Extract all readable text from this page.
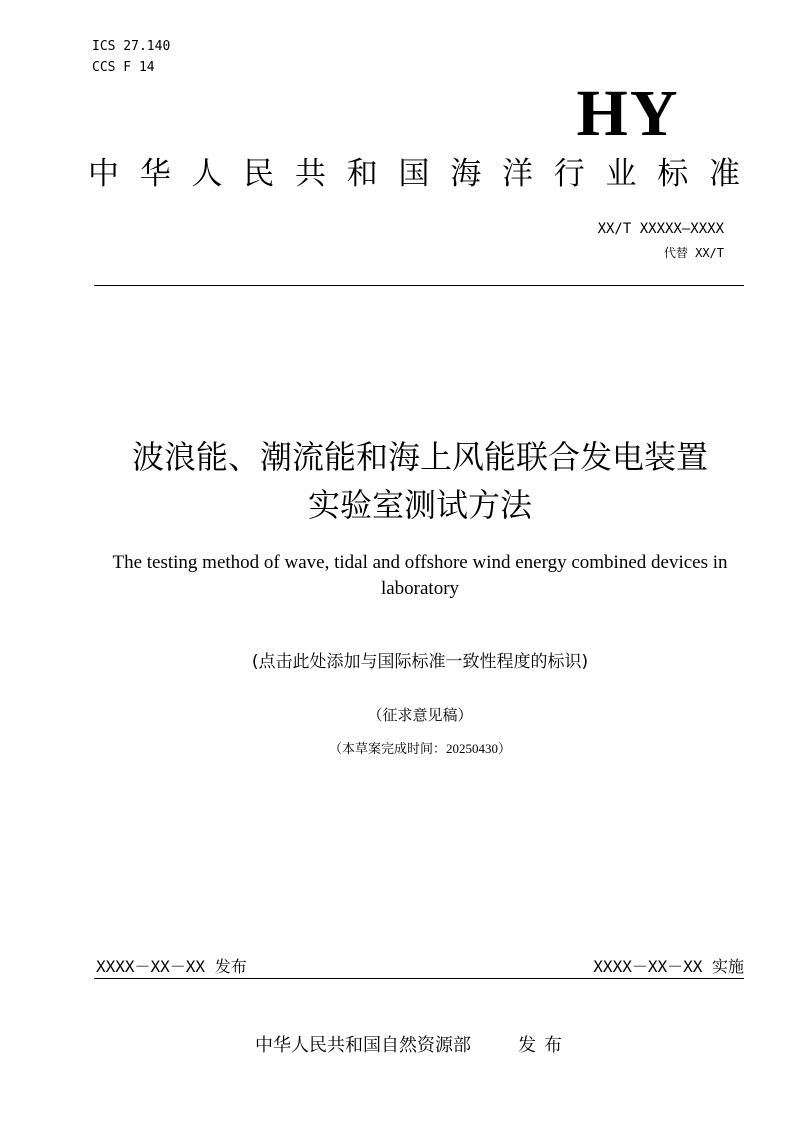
ICS 27.140
CCS F 14
HY
中 华 人 民 共 和 国 海 洋 行 业 标 准
XX/T XXXXX—XXXX
代替 XX/T
波浪能、潮流能和海上风能联合发电装置
实验室测试方法
The testing method of wave, tidal and offshore wind energy combined devices in
laboratory
(点击此处添加与国际标准一致性程度的标识)
（征求意见稿）
（本草案完成时间：20250430）
XXXX－XX－XX 发布	XXXX－XX－XX 实施
中华人民共和国自然资源部	发布
